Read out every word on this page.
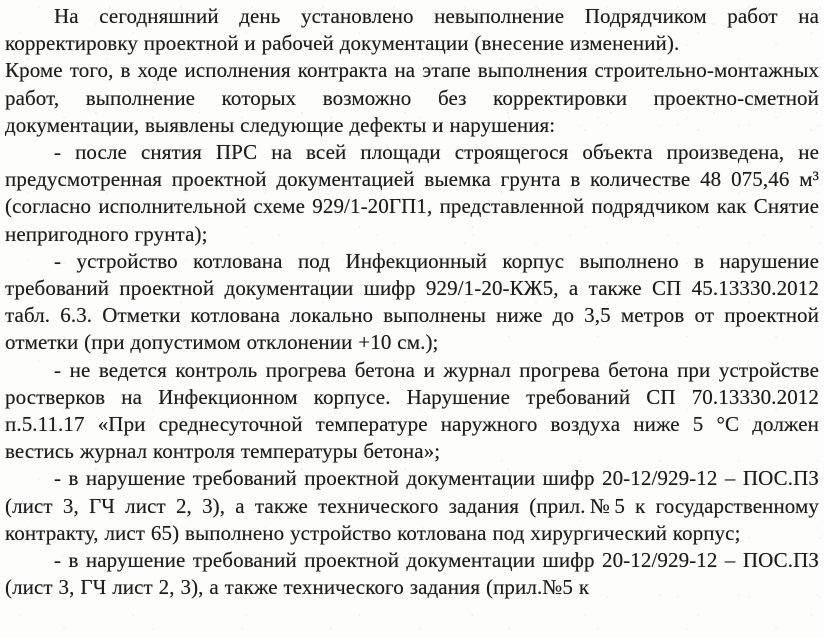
На сегодняшний день установлено невыполнение Подрядчиком работ на корректировку проектной и рабочей документации (внесение изменений).

Кроме того, в ходе исполнения контракта на этапе выполнения строительно-монтажных работ, выполнение которых возможно без корректировки проектно-сметной документации, выявлены следующие дефекты и нарушения:

- после снятия ПРС на всей площади строящегося объекта произведена, не предусмотренная проектной документацией выемка грунта в количестве 48 075,46 м³ (согласно исполнительной схеме 929/1-20ГП1, представленной подрядчиком как Снятие непригодного грунта);

- устройство котлована под Инфекционный корпус выполнено в нарушение требований проектной документации шифр 929/1-20-КЖ5, а также СП 45.13330.2012 табл. 6.3. Отметки котлована локально выполнены ниже до 3,5 метров от проектной отметки (при допустимом отклонении +10 см.);

- не ведется контроль прогрева бетона и журнал прогрева бетона при устройстве ростверков на Инфекционном корпусе. Нарушение требований СП 70.13330.2012 п.5.11.17 «При среднесуточной температуре наружного воздуха ниже 5 °С должен вестись журнал контроля температуры бетона»;

- в нарушение требований проектной документации шифр 20-12/929-12 – ПОС.ПЗ (лист 3, ГЧ лист 2, 3), а также технического задания (прил.№5 к государственному контракту, лист 65) выполнено устройство котлована под хирургический корпус;

- в нарушение требований проектной документации шифр 20-12/929-12 – ПОС.ПЗ (лист 3, ГЧ лист 2, 3), а также технического задания (прил.№5 к
